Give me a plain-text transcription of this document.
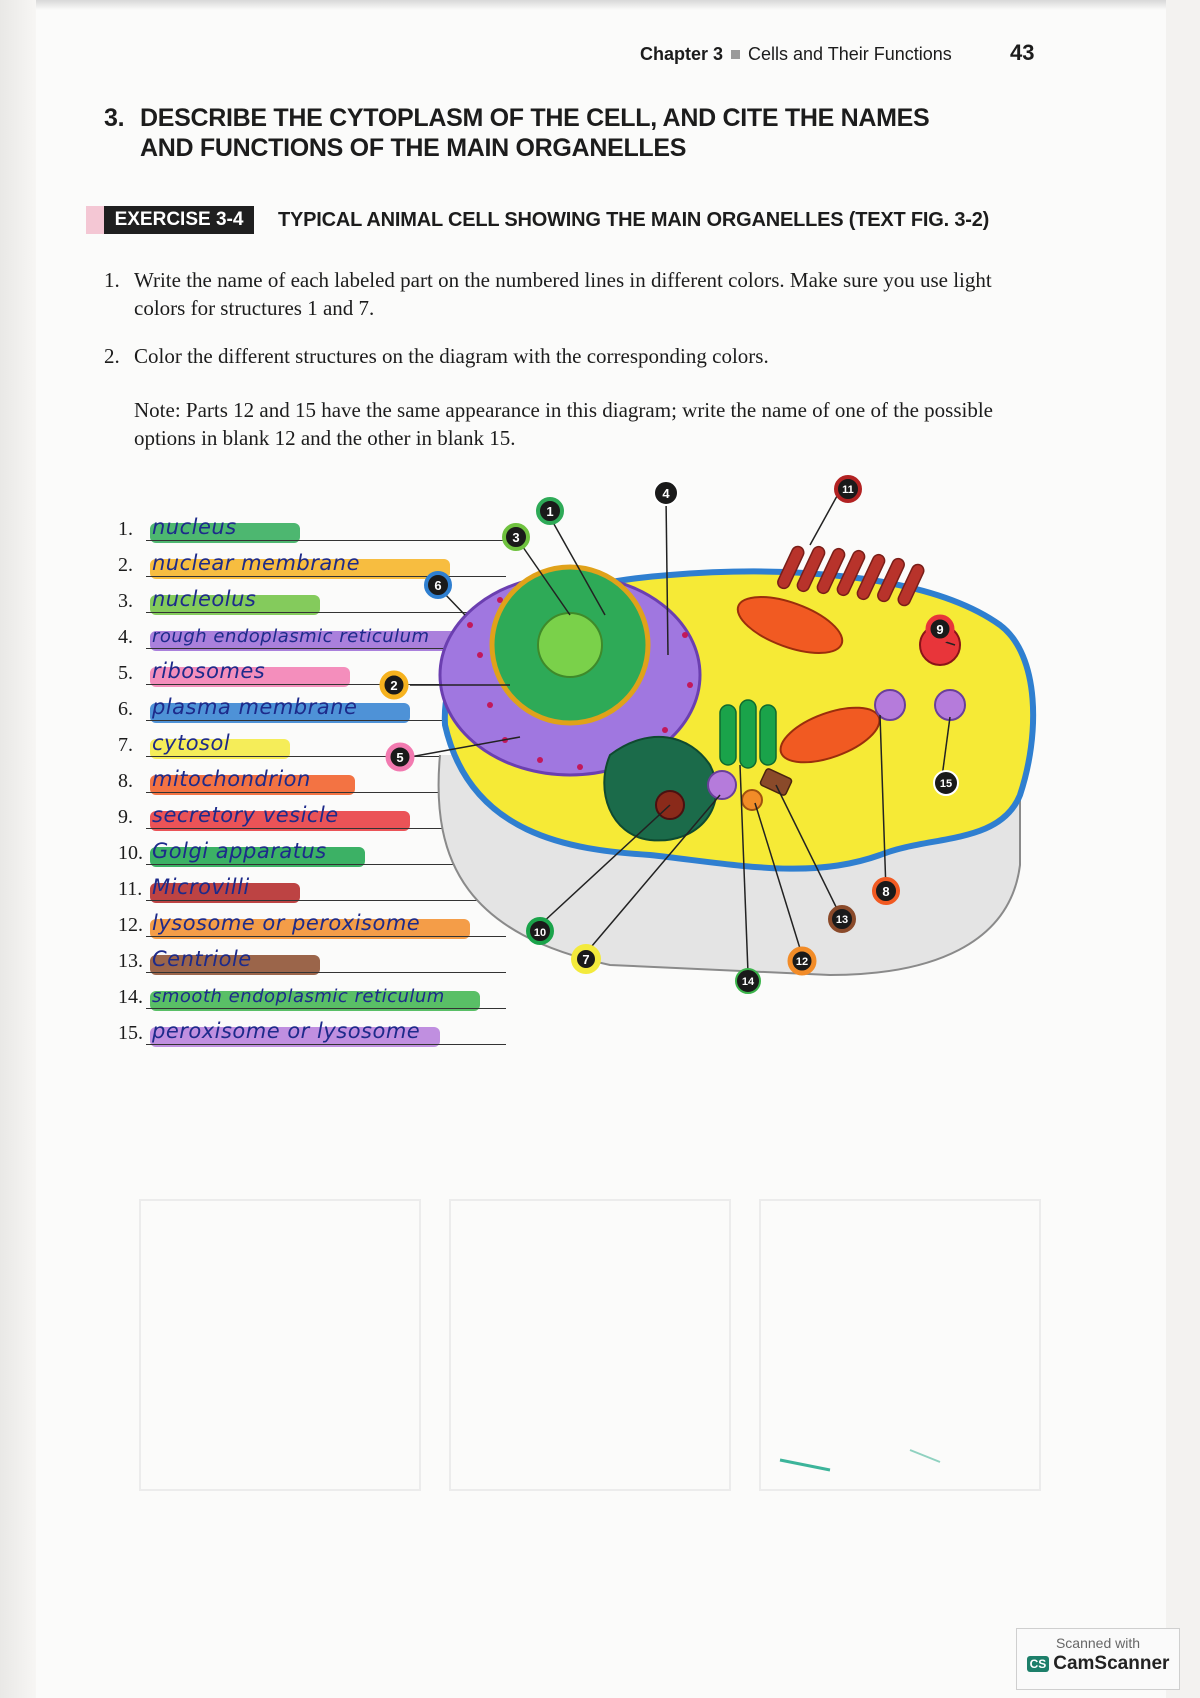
Chapter 3 Cells and Their Functions	43
3. DESCRIBE THE CYTOPLASM OF THE CELL, AND CITE THE NAMES AND FUNCTIONS OF THE MAIN ORGANELLES
EXERCISE 3-4	TYPICAL ANIMAL CELL SHOWING THE MAIN ORGANELLES (TEXT FIG. 3-2)
1. Write the name of each labeled part on the numbered lines in different colors. Make sure you use light colors for structures 1 and 7.
2. Color the different structures on the diagram with the corresponding colors.
Note: Parts 12 and 15 have the same appearance in this diagram; write the name of one of the possible options in blank 12 and the other in blank 15.
1. nucleus
2. nuclear membrane
3. nucleolus
4. rough endoplasmic reticulum
5. ribosomes
6. plasma membrane
7. cytosol
8. mitochondrion
9. secretory vesicle
10. Golgi apparatus
11. Microvilli
12. lysosome or peroxisome
13. Centriole
14. smooth endoplasmic reticulum
15. peroxisome or lysosome
1
2
3
4
5
6
7
8
9
10
11
12
13
14
15
Scanned with
CS CamScanner
